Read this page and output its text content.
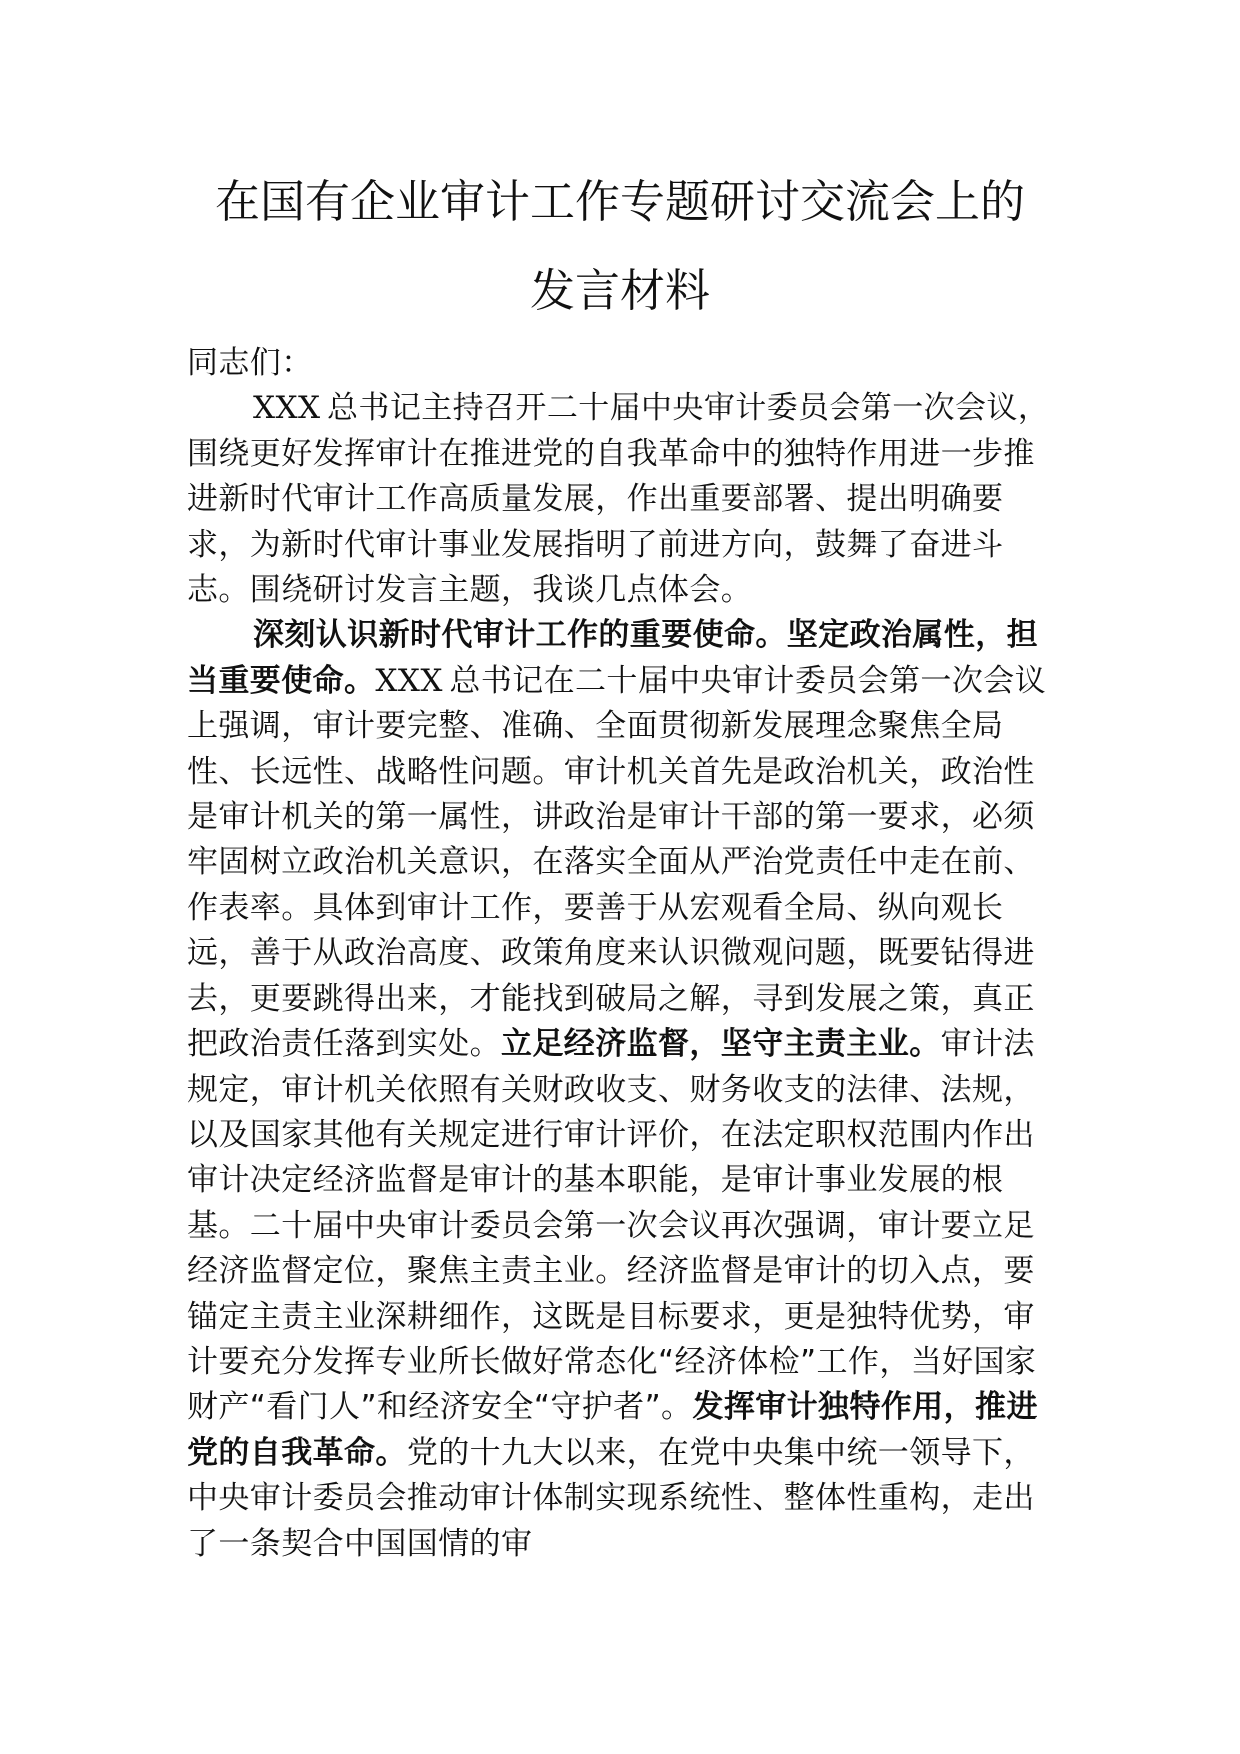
在国有企业审计工作专题研讨交流会上的
发言材料

同志们：

XXX  总书记主持召开二十届中央审计委员会第一次会议，围绕更好发挥审计在推进党的自我革命中的独特作用进一步推进新时代审计工作高质量发展，作出重要部署、提出明确要求，为新时代审计事业发展指明了前进方向，鼓舞了奋进斗志。围绕研讨发言主题，我谈几点体会。

深刻认识新时代审计工作的重要使命。坚定政治属性，担当重要使命。XXX  总书记在二十届中央审计委员会第一次会议上强调，审计要完整、准确、全面贯彻新发展理念聚焦全局性、长远性、战略性问题。审计机关首先是政治机关，政治性是审计机关的第一属性，讲政治是审计干部的第一要求，必须牢固树立政治机关意识，在落实全面从严治党责任中走在前、作表率。具体到审计工作，要善于从宏观看全局、纵向观长远，善于从政治高度、政策角度来认识微观问题，既要钻得进去，更要跳得出来，才能找到破局之解，寻到发展之策，真正把政治责任落到实处。立足经济监督，坚守主责主业。审计法规定，审计机关依照有关财政收支、财务收支的法律、法规，以及国家其他有关规定进行审计评价，在法定职权范围内作出审计决定经济监督是审计的基本职能，是审计事业发展的根基。二十届中央审计委员会第一次会议再次强调，审计要立足经济监督定位，聚焦主责主业。经济监督是审计的切入点，要锚定主责主业深耕细作，这既是目标要求，更是独特优势，审计要充分发挥专业所长做好常态化“经济体检”工作，当好国家财产“看门人”和经济安全“守护者”。发挥审计独特作用，推进党的自我革命。党的十九大以来，在党中央集中统一领导下，中央审计委员会推动审计体制实现系统性、整体性重构，走出了一条契合中国国情的审
